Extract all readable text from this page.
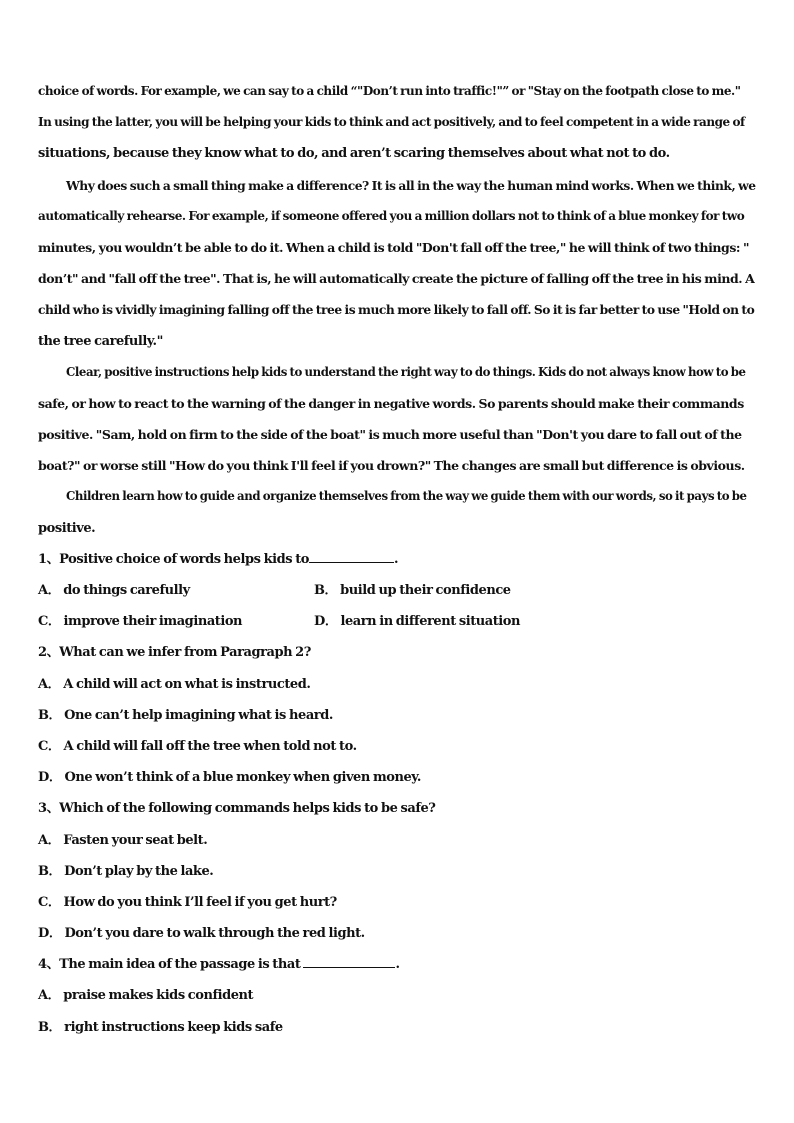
choice of words. For example, we can say to a child “"Don’t run into traffic!"” or "Stay on the footpath close to me."
In using the latter, you will be helping your kids to think and act positively, and to feel competent in a wide range of
situations, because they know what to do, and aren’t scaring themselves about what not to do.
Why does such a small thing make a difference? It is all in the way the human mind works. When we think, we
automatically rehearse. For example, if someone offered you a million dollars not to think of a blue monkey for two
minutes, you wouldn’t be able to do it. When a child is told "Don't fall off the tree," he will think of two things: "
don’t" and "fall off the tree". That is, he will automatically create the picture of falling off the tree in his mind. A
child who is vividly imagining falling off the tree is much more likely to fall off. So it is far better to use "Hold on to
the tree carefully."
Clear, positive instructions help kids to understand the right way to do things. Kids do not always know how to be
safe, or how to react to the warning of the danger in negative words. So parents should make their commands
positive. "Sam, hold on firm to the side of the boat" is much more useful than "Don't you dare to fall out of the
boat?" or worse still "How do you think I'll feel if you drown?" The changes are small but difference is obvious.
Children learn how to guide and organize themselves from the way we guide them with our words, so it pays to be
positive.
1、Positive choice of words helps kids to	.
A． do things carefully	B． build up their confidence
C． improve their imagination	D． learn in different situation
2、What can we infer from Paragraph 2?
A． A child will act on what is instructed.
B． One can’t help imagining what is heard.
C． A child will fall off the tree when told not to.
D． One won’t think of a blue monkey when given money.
3、Which of the following commands helps kids to be safe?
A． Fasten your seat belt.
B． Don’t play by the lake.
C． How do you think I’ll feel if you get hurt?
D． Don’t you dare to walk through the red light.
4、The main idea of the passage is that	.
A． praise makes kids confident
B． right instructions keep kids safe
